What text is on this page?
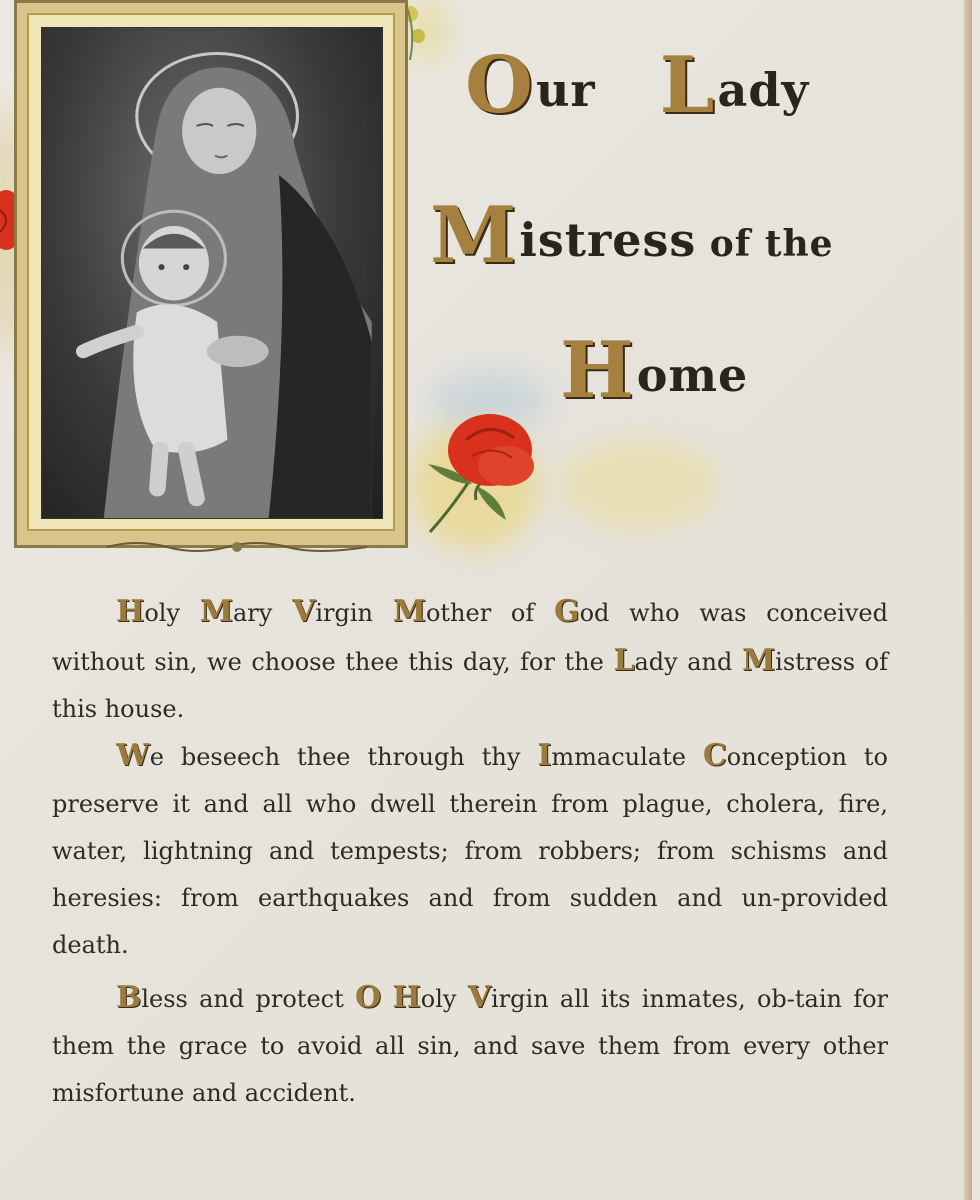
Our Lady
Mistress of the
Home
Holy Mary Virgin Mother of God who was conceived without sin, we choose thee this day, for the Lady and Mistress of this house.
We beseech thee through thy Immaculate Conception to preserve it and all who dwell therein from plague, cholera, fire, water, lightning and tempests; from robbers; from schisms and heresies: from earthquakes and from sudden and un-provided death.
Bless and protect O Holy Virgin all its inmates, ob-tain for them the grace to avoid all sin, and save them from every other misfortune and accident.
